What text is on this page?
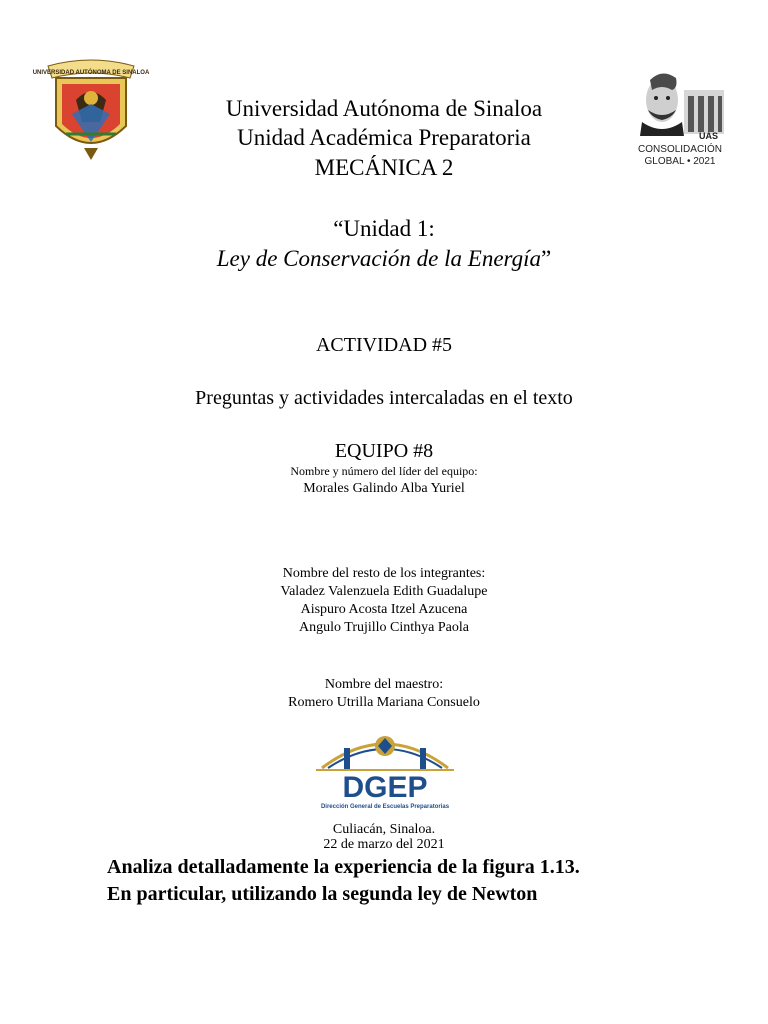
UNIVERSIDAD AUTÓNOMA DE SINALOA
UAS
CONSOLIDACIÓN
GLOBAL • 2021
Universidad Autónoma de Sinaloa
Unidad Académica Preparatoria
MECÁNICA 2
“Unidad 1:
Ley de Conservación de la Energía”
ACTIVIDAD #5
Preguntas y actividades intercaladas en el texto
EQUIPO #8
Nombre y número del líder del equipo:
Morales Galindo Alba Yuriel
Nombre del resto de los integrantes:
Valadez Valenzuela Edith Guadalupe
Aispuro Acosta Itzel Azucena
Angulo Trujillo Cinthya Paola
Nombre del maestro:
Romero Utrilla Mariana Consuelo
DGEP
Dirección General de Escuelas Preparatorias
Culiacán, Sinaloa.
22 de marzo del 2021
Analiza detalladamente la experiencia de la figura 1.13.
En particular, utilizando la segunda ley de Newton
